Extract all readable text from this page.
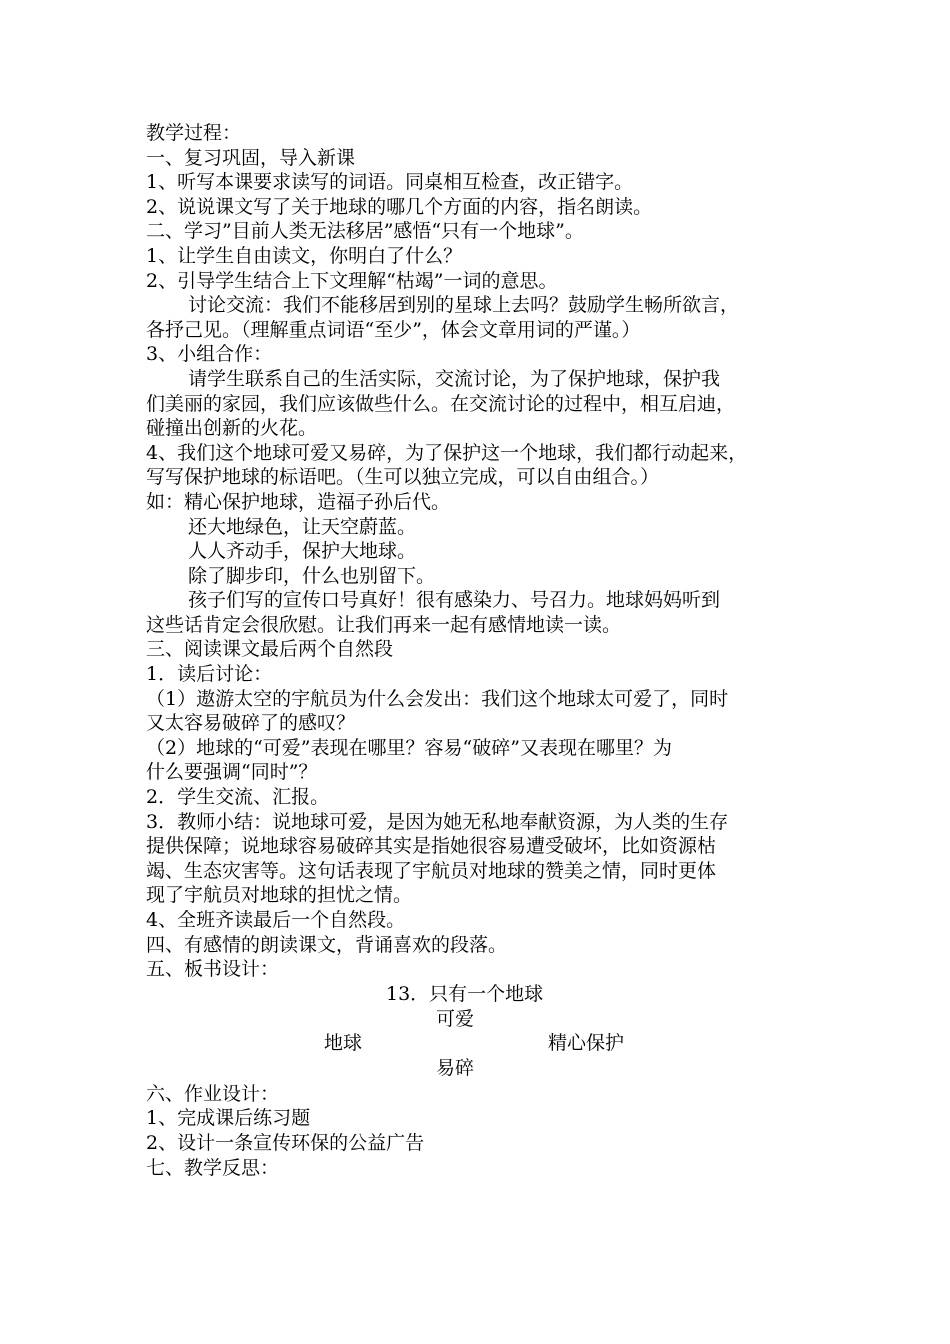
教学过程：
一、复习巩固，导入新课
1、听写本课要求读写的词语。同桌相互检查，改正错字。
2、说说课文写了关于地球的哪几个方面的内容，指名朗读。
二、学习”目前人类无法移居”感悟“只有一个地球”。
1、让学生自由读文，你明白了什么？
2、引导学生结合上下文理解“枯竭”一词的意思。
讨论交流：我们不能移居到别的星球上去吗？鼓励学生畅所欲言，
各抒己见。（理解重点词语“至少”，体会文章用词的严谨。）
3、小组合作：
请学生联系自己的生活实际，交流讨论，为了保护地球，保护我
们美丽的家园，我们应该做些什么。在交流讨论的过程中，相互启迪，
碰撞出创新的火花。
4、我们这个地球可爱又易碎，为了保护这一个地球，我们都行动起来，
写写保护地球的标语吧。（生可以独立完成，可以自由组合。）
如：精心保护地球，造福子孙后代。
还大地绿色，让天空蔚蓝。
人人齐动手，保护大地球。
除了脚步印，什么也别留下。
孩子们写的宣传口号真好！很有感染力、号召力。地球妈妈听到
这些话肯定会很欣慰。让我们再来一起有感情地读一读。
三、阅读课文最后两个自然段
1．读后讨论：
（1）遨游太空的宇航员为什么会发出：我们这个地球太可爱了，同时
又太容易破碎了的感叹？
（2）地球的“可爱”表现在哪里？容易“破碎”又表现在哪里？为
什么要强调“同时”？
2．学生交流、汇报。
3．教师小结：说地球可爱，是因为她无私地奉献资源，为人类的生存
提供保障；说地球容易破碎其实是指她很容易遭受破坏，比如资源枯
竭、生态灾害等。这句话表现了宇航员对地球的赞美之情，同时更体
现了宇航员对地球的担忧之情。
4、全班齐读最后一个自然段。
四、有感情的朗读课文，背诵喜欢的段落。
五、板书设计：
13．只有一个地球
可爱
地球	精心保护
易碎
六、作业设计：
1、完成课后练习题
2、设计一条宣传环保的公益广告
七、教学反思：
